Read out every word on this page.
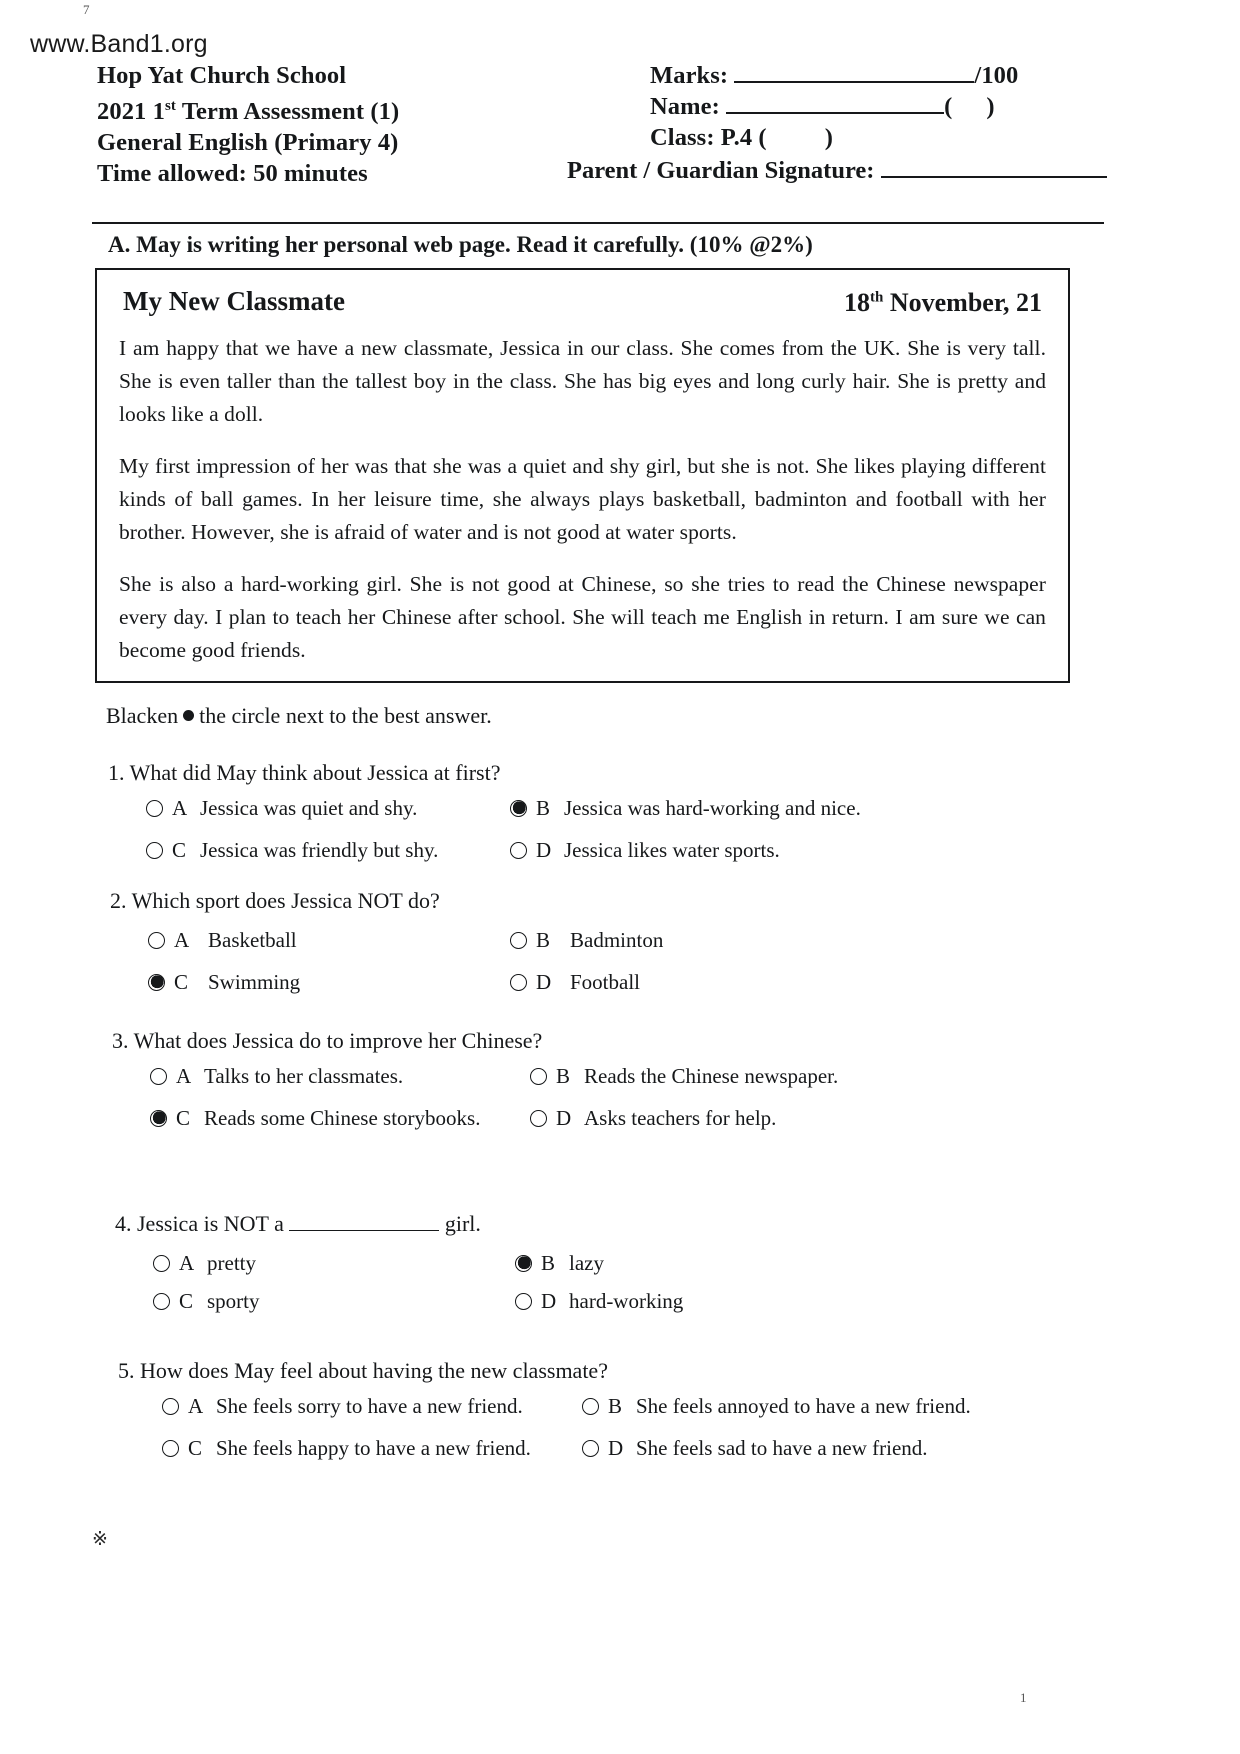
7
www.Band1.org
1
※
Hop Yat Church School
2021 1st Term Assessment (1)
General English (Primary 4)
Time allowed: 50 minutes
Marks:	/100
Name:	( )
Class: P.4 ( )
Parent / Guardian Signature:
A. May is writing her personal web page. Read it carefully. (10% @2%)
My New Classmate	18th November, 21

I am happy that we have a new classmate, Jessica in our class. She comes from the UK. She is very tall. She is even taller than the tallest boy in the class. She has big eyes and long curly hair. She is pretty and looks like a doll.

My first impression of her was that she was a quiet and shy girl, but she is not. She likes playing different kinds of ball games. In her leisure time, she always plays basketball, badminton and football with her brother. However, she is afraid of water and is not good at water sports.

She is also a hard-working girl. She is not good at Chinese, so she tries to read the Chinese newspaper every day. I plan to teach her Chinese after school. She will teach me English in return. I am sure we can become good friends.

Blacken the circle next to the best answer.
1. What did May think about Jessica at first?
A Jessica was quiet and shy.	B Jessica was hard-working and nice.
C Jessica was friendly but shy.	D Jessica likes water sports.
2. Which sport does Jessica NOT do?
A Basketball	B Badminton
C Swimming	D Football
3. What does Jessica do to improve her Chinese?
A Talks to her classmates.	B Reads the Chinese newspaper.
C Reads some Chinese storybooks.	D Asks teachers for help.
4. Jessica is NOT a	girl.
A pretty	B lazy
C sporty	D hard-working
5. How does May feel about having the new classmate?
A She feels sorry to have a new friend.	B She feels annoyed to have a new friend.
C She feels happy to have a new friend.	D She feels sad to have a new friend.
